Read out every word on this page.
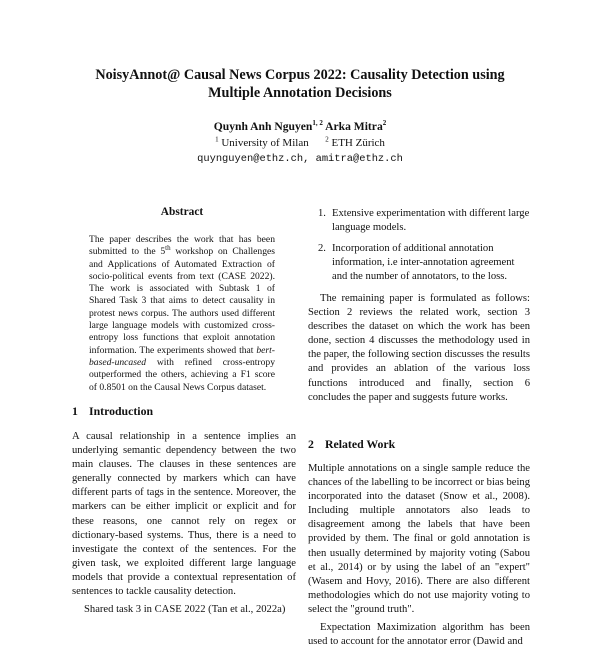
NoisyAnnot@ Causal News Corpus 2022: Causality Detection using
Multiple Annotation Decisions
Quynh Anh Nguyen$^{1, 2}$ Arka Mitra$^2$
$^1$ University of Milan $^2$ ETH Zürich
quynguyen@ethz.ch, amitra@ethz.ch
Abstract
The paper describes the work that has been submitted to the 5th workshop on Challenges and Applications of Automated Extraction of socio-political events from text (CASE 2022). The work is associated with Subtask 1 of Shared Task 3 that aims to detect causality in protest news corpus. The authors used different large language models with customized cross-entropy loss functions that exploit annotation information. The experiments showed that bert-based-uncased with refined cross-entropy outperformed the others, achieving a F1 score of 0.8501 on the Causal News Corpus dataset.
1 Introduction
A causal relationship in a sentence implies an underlying semantic dependency between the two main clauses. The clauses in these sentences are generally connected by markers which can have different parts of tags in the sentence. Moreover, the markers can be either implicit or explicit and for these reasons, one cannot rely on regex or dictionary-based systems. Thus, there is a need to investigate the context of the sentences. For the given task, we exploited different large language models that provide a contextual representation of sentences to tackle causality detection.
Shared task 3 in CASE 2022 (Tan et al., 2022a)
1. Extensive experimentation with different large language models.
2. Incorporation of additional annotation information, i.e inter-annotation agreement and the number of annotators, to the loss.
The remaining paper is formulated as follows: Section 2 reviews the related work, section 3 describes the dataset on which the work has been done, section 4 discusses the methodology used in the paper, the following section discusses the results and provides an ablation of the various loss functions introduced and finally, section 6 concludes the paper and suggests future works.
2 Related Work
Multiple annotations on a single sample reduce the chances of the labelling to be incorrect or bias being incorporated into the dataset (Snow et al., 2008). Including multiple annotators also leads to disagreement among the labels that have been provided by them. The final or gold annotation is then usually determined by majority voting (Sabou et al., 2014) or by using the label of an "expert" (Wasem and Hovy, 2016). There are also different methodologies which do not use majority voting to select the "ground truth".
Expectation Maximization algorithm has been used to account for the annotator error (Dawid and
